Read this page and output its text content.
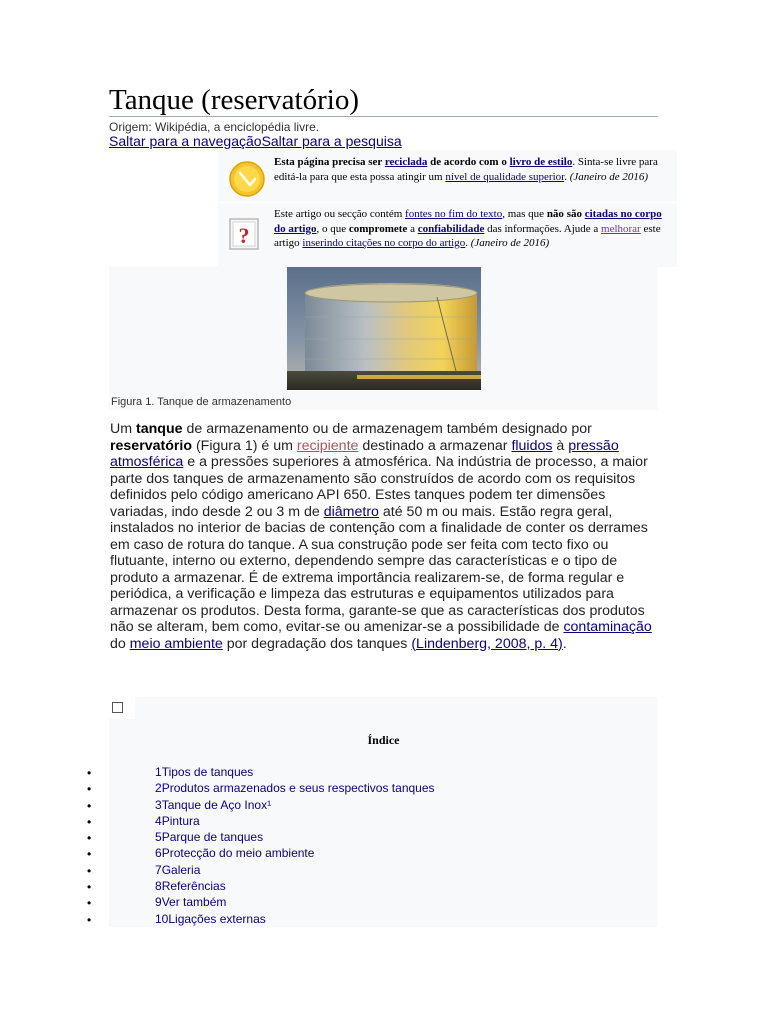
Tanque (reservatório)
Origem: Wikipédia, a enciclopédia livre.
Saltar para a navegaçãoSaltar para a pesquisa
Esta página precisa ser reciclada de acordo com o livro de estilo. Sinta-se livre para editá-la para que esta possa atingir um nível de qualidade superior. (Janeiro de 2016)
?
Este artigo ou secção contém fontes no fim do texto, mas que não são citadas no corpo do artigo, o que compromete a confiabilidade das informações. Ajude a melhorar este artigo inserindo citações no corpo do artigo. (Janeiro de 2016)
Figura 1. Tanque de armazenamento

Um tanque de armazenamento ou de armazenagem também designado por reservatório (Figura 1) é um recipiente destinado a armazenar fluidos à pressão atmosférica e a pressões superiores à atmosférica. Na indústria de processo, a maior parte dos tanques de armazenamento são construídos de acordo com os requisitos definidos pelo código americano API 650. Estes tanques podem ter dimensões variadas, indo desde 2 ou 3 m de diâmetro até 50 m ou mais. Estão regra geral, instalados no interior de bacias de contenção com a finalidade de conter os derrames em caso de rotura do tanque. A sua construção pode ser feita com tecto fixo ou flutuante, interno ou externo, dependendo sempre das características e o tipo de produto a armazenar. É de extrema importância realizarem-se, de forma regular e periódica, a verificação e limpeza das estruturas e equipamentos utilizados para armazenar os produtos. Desta forma, garante-se que as características dos produtos não se alteram, bem como, evitar-se ou amenizar-se a possibilidade de contaminação do meio ambiente por degradação dos tanques (Lindenberg, 2008, p. 4).

Índice
•	1Tipos de tanques
•	2Produtos armazenados e seus respectivos tanques
•	3Tanque de Aço Inox¹
•	4Pintura
•	5Parque de tanques
•	6Protecção do meio ambiente
•	7Galeria
•	8Referências
•	9Ver também
•	10Ligações externas
